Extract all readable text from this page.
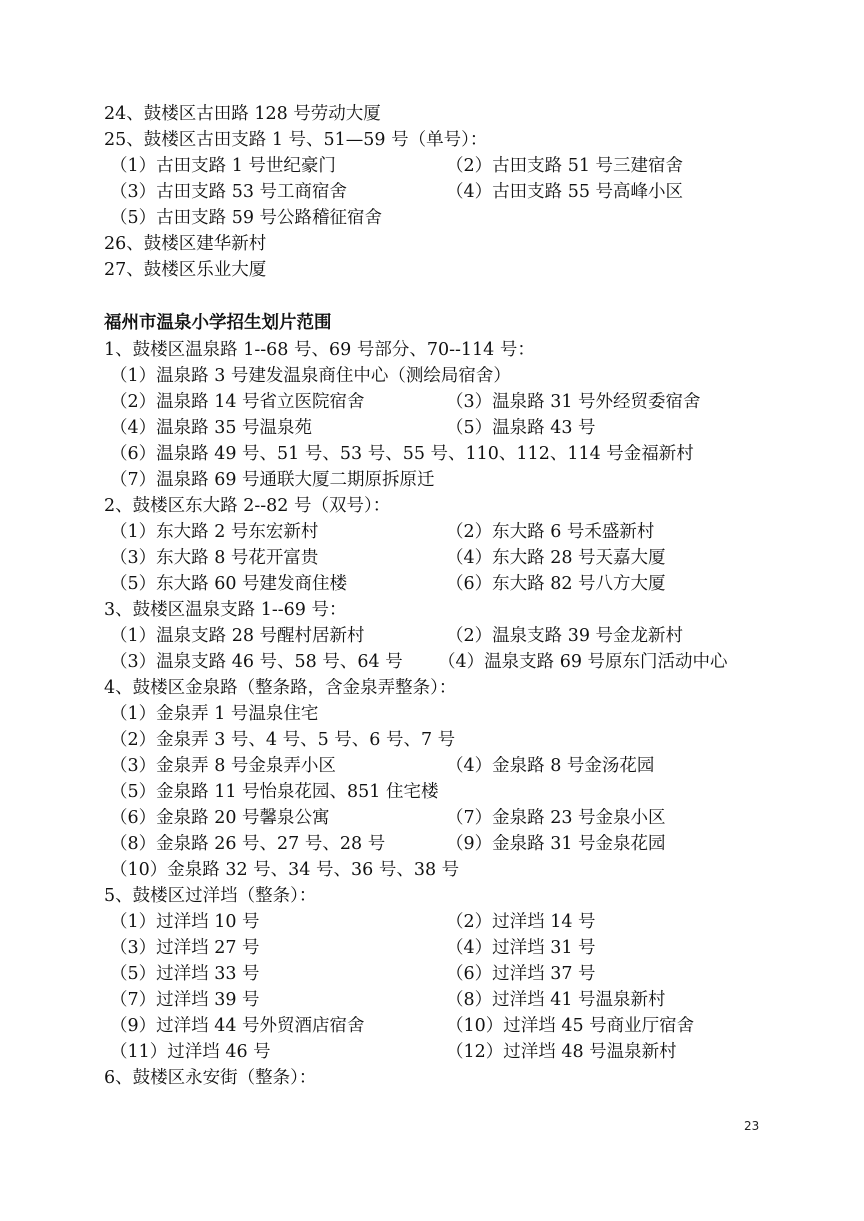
24、鼓楼区古田路 128 号劳动大厦
25、鼓楼区古田支路 1 号、51—59 号（单号）：
（1）古田支路 1 号世纪豪门	（2）古田支路 51 号三建宿舍
（3）古田支路 53 号工商宿舍	（4）古田支路 55 号高峰小区
（5）古田支路 59 号公路稽征宿舍
26、鼓楼区建华新村
27、鼓楼区乐业大厦
福州市温泉小学招生划片范围
1、鼓楼区温泉路 1--68 号、69 号部分、70--114 号：
（1）温泉路 3 号建发温泉商住中心（测绘局宿舍）
（2）温泉路 14 号省立医院宿舍	（3）温泉路 31 号外经贸委宿舍
（4）温泉路 35 号温泉苑	（5）温泉路 43 号
（6）温泉路 49 号、51 号、53 号、55 号、110、112、114 号金福新村
（7）温泉路 69 号通联大厦二期原拆原迁
2、鼓楼区东大路 2--82 号（双号）：
（1）东大路 2 号东宏新村	（2）东大路 6 号禾盛新村
（3）东大路 8 号花开富贵	（4）东大路 28 号天嘉大厦
（5）东大路 60 号建发商住楼	（6）东大路 82 号八方大厦
3、鼓楼区温泉支路 1--69 号：
（1）温泉支路 28 号醒村居新村	（2）温泉支路 39 号金龙新村
（3）温泉支路 46 号、58 号、64 号 （4）温泉支路 69 号原东门活动中心
4、鼓楼区金泉路（整条路，含金泉弄整条）：
（1）金泉弄 1 号温泉住宅
（2）金泉弄 3 号、4 号、5 号、6 号、7 号
（3）金泉弄 8 号金泉弄小区	（4）金泉路 8 号金汤花园
（5）金泉路 11 号怡泉花园、851 住宅楼
（6）金泉路 20 号馨泉公寓	（7）金泉路 23 号金泉小区
（8）金泉路 26 号、27 号、28 号	（9）金泉路 31 号金泉花园
（10）金泉路 32 号、34 号、36 号、38 号
5、鼓楼区过洋垱（整条）：
（1）过洋垱 10 号	（2）过洋垱 14 号
（3）过洋垱 27 号	（4）过洋垱 31 号
（5）过洋垱 33 号	（6）过洋垱 37 号
（7）过洋垱 39 号	（8）过洋垱 41 号温泉新村
（9）过洋垱 44 号外贸酒店宿舍	（10）过洋垱 45 号商业厅宿舍
（11）过洋垱 46 号	（12）过洋垱 48 号温泉新村
6、鼓楼区永安街（整条）：
23
